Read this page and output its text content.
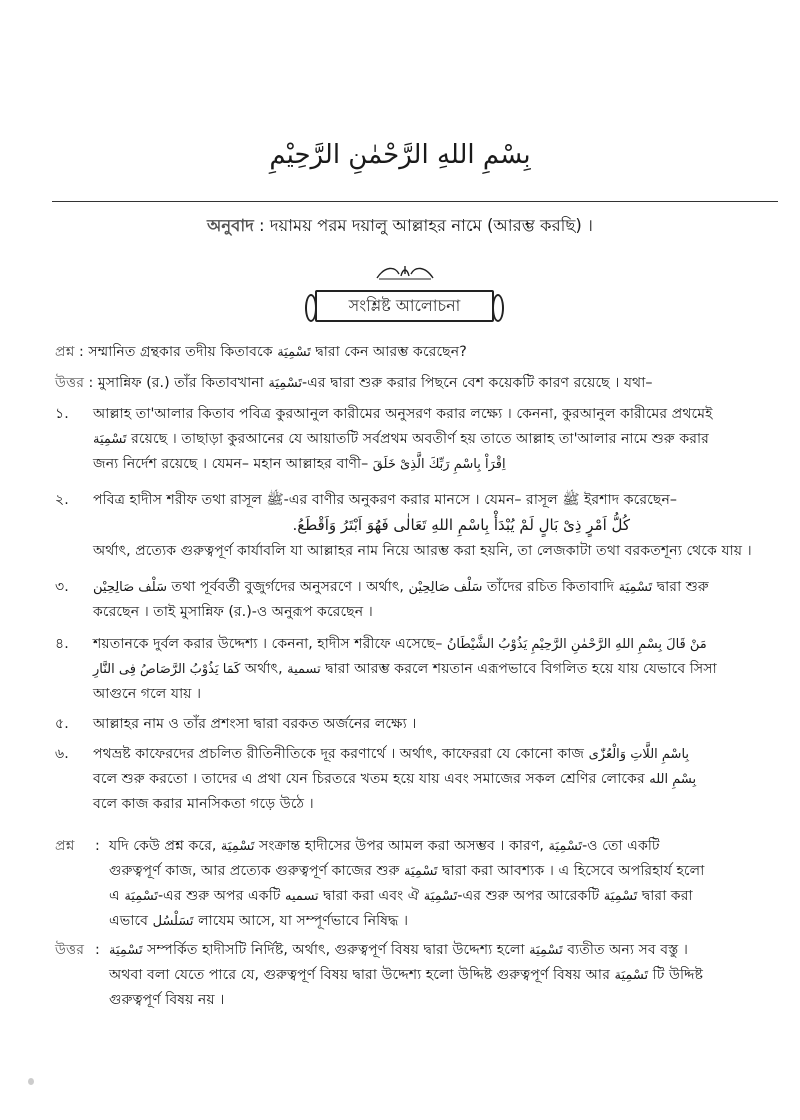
بِسْمِ اللهِ الرَّحْمٰنِ الرَّحِيْمِ
অনুবাদ : দয়াময় পরম দয়ালু আল্লাহর নামে (আরম্ভ করছি) ।
সংশ্লিষ্ট আলোচনা
প্রশ্ন : সম্মানিত গ্রন্থকার তদীয় কিতাবকে تَسْمِيَة দ্বারা কেন আরম্ভ করেছেন?
উত্তর : মুসান্নিফ (র.) তাঁর কিতাবখানা تَسْمِيَة-এর দ্বারা শুরু করার পিছনে বেশ কয়েকটি কারণ রয়েছে । যথা–
১.	আল্লাহ তা'আলার কিতাব পবিত্র কুরআনুল কারীমের অনুসরণ করার লক্ষ্যে । কেননা, কুরআনুল কারীমের প্রথমেই
تَسْمِيَة রয়েছে । তাছাড়া কুরআনের যে আয়াতটি সর্বপ্রথম অবতীর্ণ হয় তাতে আল্লাহ তা'আলার নামে শুরু করার
জন্য নির্দেশ রয়েছে । যেমন– মহান আল্লাহর বাণী– اِقْرَاْ بِاسْمِ رَبِّكَ الَّذِىْ خَلَقَ
২.	পবিত্র হাদীস শরীফ তথা রাসূল ﷺ-এর বাণীর অনুকরণ করার মানসে । যেমন– রাসূল ﷺ ইরশাদ করেছেন–
كُلُّ اَمْرٍ ذِىْ بَالٍ لَمْ يُبْدَأْ بِاسْمِ اللهِ تَعَالٰى فَهُوَ اَبْتَرُ وَاَقْطَعُ.
অর্থাৎ, প্রত্যেক গুরুত্বপূর্ণ কার্যাবলি যা আল্লাহর নাম নিয়ে আরম্ভ করা হয়নি, তা লেজকাটা তথা বরকতশূন্য থেকে যায় ।
৩.	سَلْف صَالِحِيْن তথা পূর্ববর্তী বুজুর্গদের অনুসরণে । অর্থাৎ, سَلْف صَالِحِيْن তাঁদের রচিত কিতাবাদি تَسْمِيَة দ্বারা শুরু
করেছেন । তাই মুসান্নিফ (র.)-ও অনুরূপ করেছেন ।
৪.	শয়তানকে দুর্বল করার উদ্দেশ্য । কেননা, হাদীস শরীফে এসেছে– مَنْ قَالَ بِسْمِ اللهِ الرَّحْمٰنِ الرَّحِيْمِ يَذُوْبُ الشَّيْطَانُ
كَمَا يَذُوْبُ الرَّصَاصُ فِى النَّارِ অর্থাৎ, تسمية দ্বারা আরম্ভ করলে শয়তান এরূপভাবে বিগলিত হয়ে যায় যেভাবে সিসা
আগুনে গলে যায় ।
৫.	আল্লাহর নাম ও তাঁর প্রশংসা দ্বারা বরকত অর্জনের লক্ষ্যে ।
৬.	পথভ্রষ্ট কাফেরদের প্রচলিত রীতিনীতিকে দূর করণার্থে । অর্থাৎ, কাফেররা যে কোনো কাজ بِاسْمِ اللَّاتِ وَالْعُزّٰى
বলে শুরু করতো । তাদের এ প্রথা যেন চিরতরে খতম হয়ে যায় এবং সমাজের সকল শ্রেণির লোকের بِسْمِ الله
বলে কাজ করার মানসিকতা গড়ে উঠে ।
প্রশ্ন	: যদি কেউ প্রশ্ন করে, تَسْمِيَة সংক্রান্ত হাদীসের উপর আমল করা অসম্ভব । কারণ, تَسْمِيَة-ও তো একটি
গুরুত্বপূর্ণ কাজ, আর প্রত্যেক গুরুত্বপূর্ণ কাজের শুরু تَسْمِيَة দ্বারা করা আবশ্যক । এ হিসেবে অপরিহার্য হলো
এ تَسْمِيَة-এর শুরু অপর একটি تسميه দ্বারা করা এবং ঐ تَسْمِيَة-এর শুরু অপর আরেকটি تَسْمِيَة দ্বারা করা
এভাবে تَسَلْسُل লাযেম আসে, যা সম্পূর্ণভাবে নিষিদ্ধ ।
উত্তর : تَسْمِيَة সম্পর্কিত হাদীসটি নির্দিষ্ট, অর্থাৎ, গুরুত্বপূর্ণ বিষয় দ্বারা উদ্দেশ্য হলো تَسْمِيَة ব্যতীত অন্য সব বস্তু ।
অথবা বলা যেতে পারে যে, গুরুত্বপূর্ণ বিষয় দ্বারা উদ্দেশ্য হলো উদ্দিষ্ট গুরুত্বপূর্ণ বিষয় আর تَسْمِيَة টি উদ্দিষ্ট
গুরুত্বপূর্ণ বিষয় নয় ।
